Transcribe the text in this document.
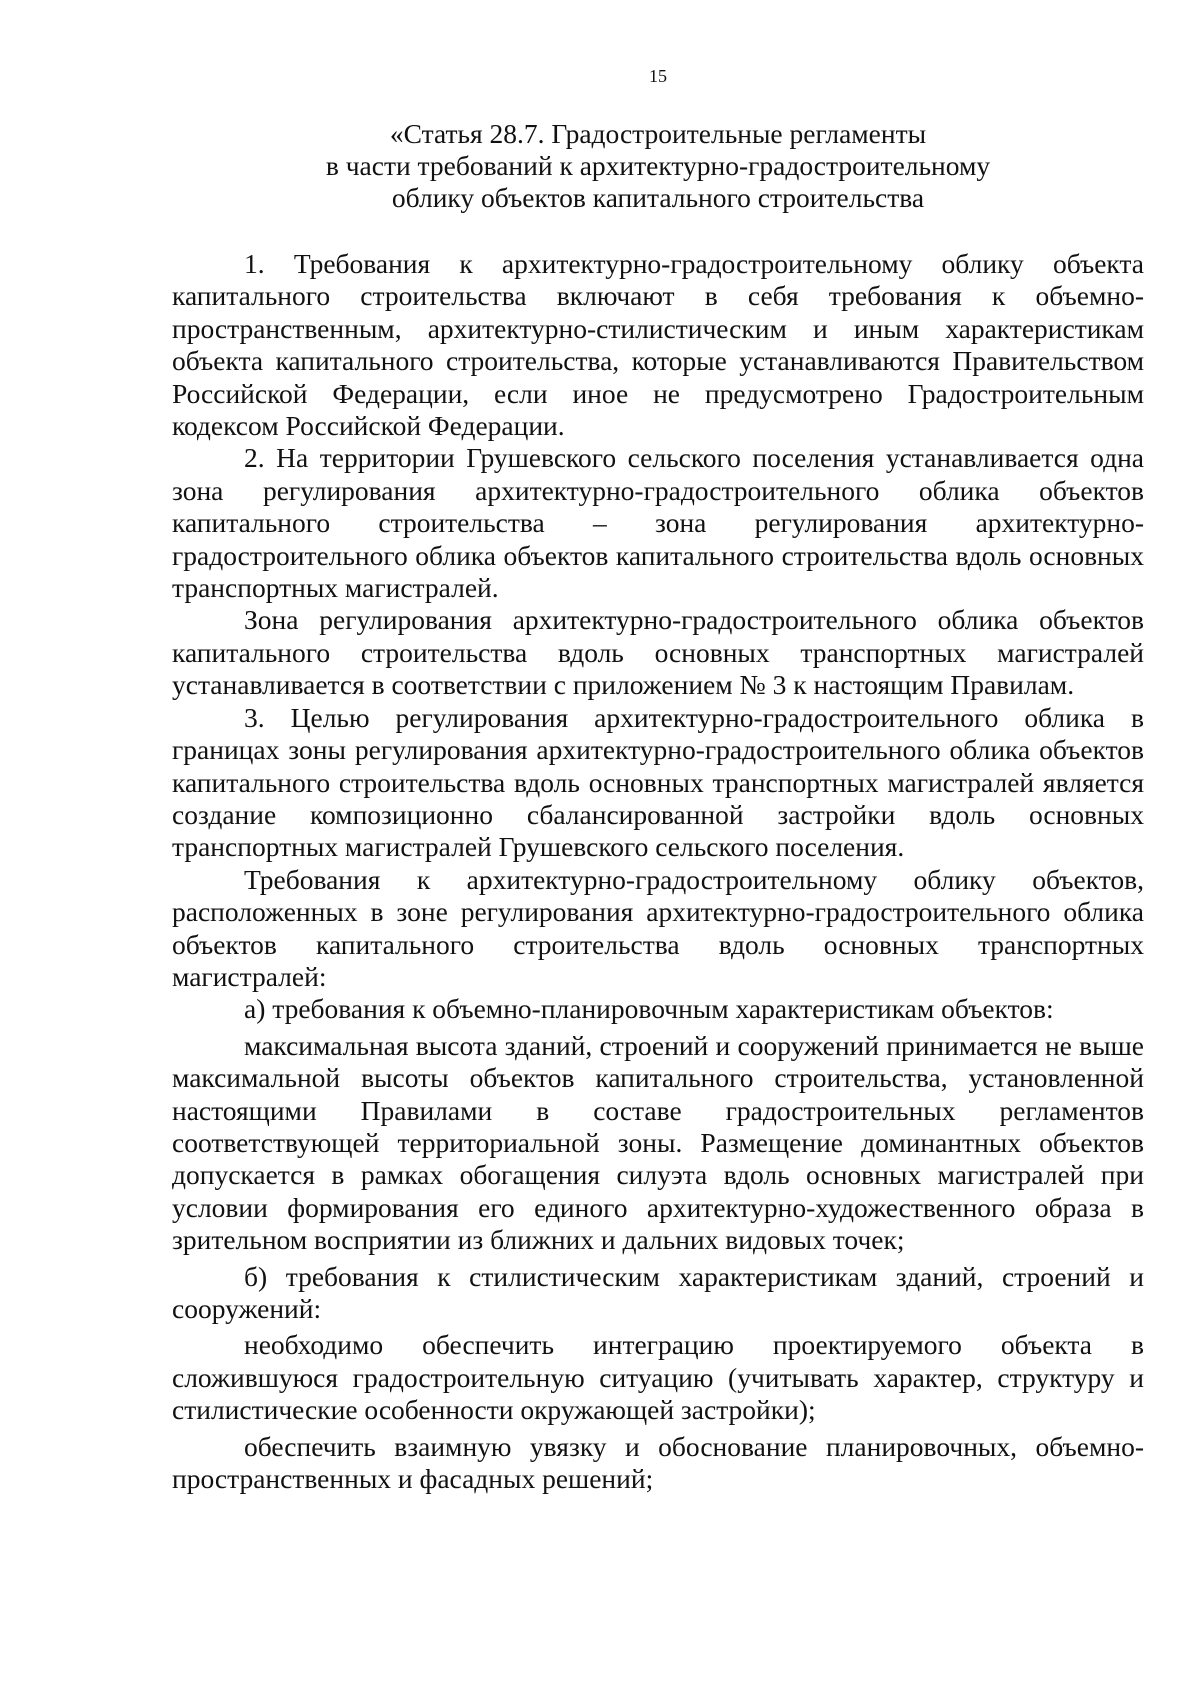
15
«Статья 28.7. Градостроительные регламенты
в части требований к архитектурно-градостроительному
облику объектов капитального строительства

1. Требования к архитектурно-градостроительному облику объекта капитального строительства включают в себя требования к объемно-пространственным, архитектурно-стилистическим и иным характеристикам объекта капитального строительства, которые устанавливаются Правительством Российской Федерации, если иное не предусмотрено Градостроительным кодексом Российской Федерации.

2. На территории Грушевского сельского поселения устанавливается одна зона регулирования архитектурно-градостроительного облика объектов капитального строительства – зона регулирования архитектурно-градостроительного облика объектов капитального строительства вдоль основных транспортных магистралей.

Зона регулирования архитектурно-градостроительного облика объектов капитального строительства вдоль основных транспортных магистралей устанавливается в соответствии с приложением № 3 к настоящим Правилам.

3. Целью регулирования архитектурно-градостроительного облика в границах зоны регулирования архитектурно-градостроительного облика объектов капитального строительства вдоль основных транспортных магистралей является создание композиционно сбалансированной застройки вдоль основных транспортных магистралей Грушевского сельского поселения.

Требования к архитектурно-градостроительному облику объектов, расположенных в зоне регулирования архитектурно-градостроительного облика объектов капитального строительства вдоль основных транспортных магистралей:

а) требования к объемно-планировочным характеристикам объектов:

максимальная высота зданий, строений и сооружений принимается не выше максимальной высоты объектов капитального строительства, установленной настоящими Правилами в составе градостроительных регламентов соответствующей территориальной зоны. Размещение доминантных объектов допускается в рамках обогащения силуэта вдоль основных магистралей при условии формирования его единого архитектурно-художественного образа в зрительном восприятии из ближних и дальних видовых точек;

б) требования к стилистическим характеристикам зданий, строений и сооружений:

необходимо обеспечить интеграцию проектируемого объекта в сложившуюся градостроительную ситуацию (учитывать характер, структуру и стилистические особенности окружающей застройки);

обеспечить взаимную увязку и обоснование планировочных, объемно-пространственных и фасадных решений;
